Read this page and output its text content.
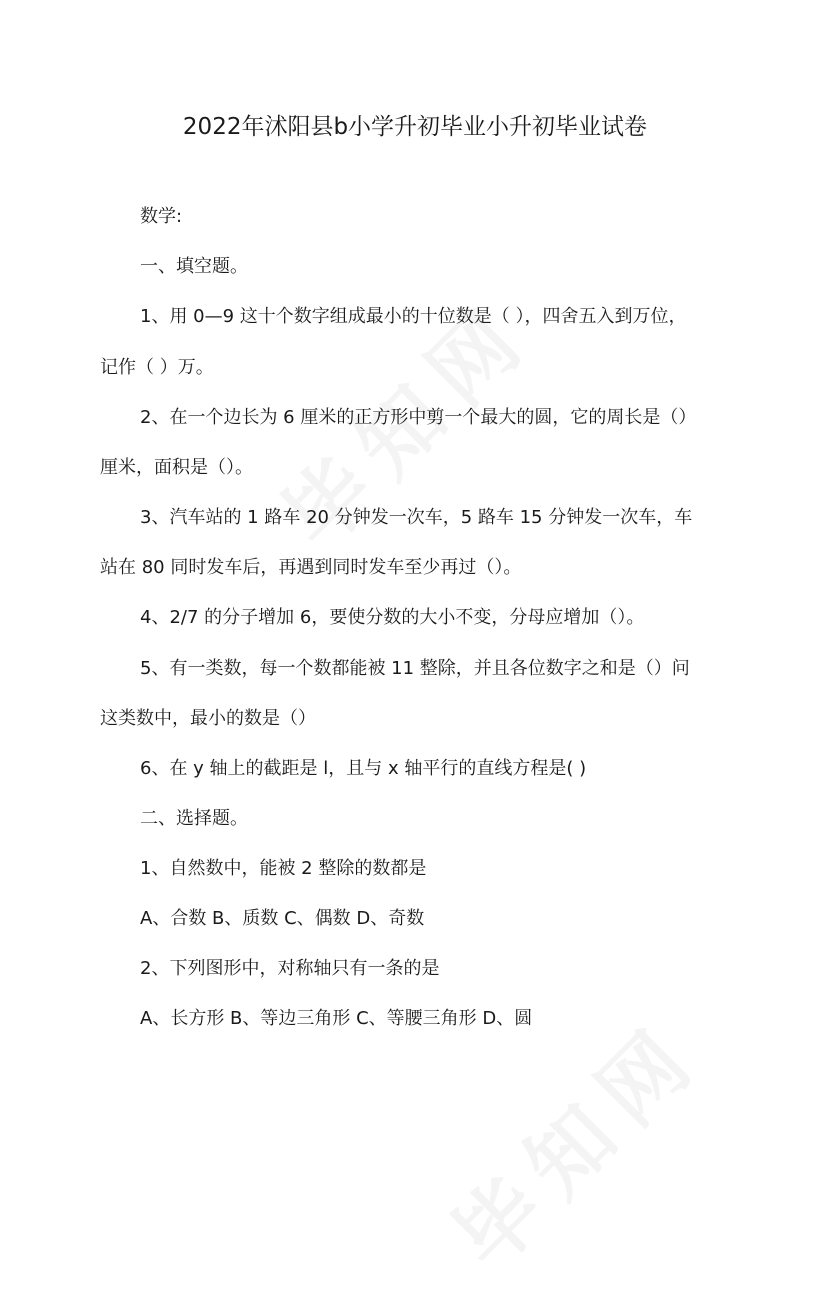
2022年沭阳县b小学升初毕业小升初毕业试卷
数学:
一、填空题。
1、用 0—9 这十个数字组成最小的十位数是（ ），四舍五入到万位，
记作（ ）万。
2、在一个边长为 6 厘米的正方形中剪一个最大的圆，它的周长是（）
厘米，面积是（）。
3、汽车站的 1 路车 20 分钟发一次车，5 路车 15 分钟发一次车，车
站在 80 同时发车后，再遇到同时发车至少再过（）。
4、2/7 的分子增加 6，要使分数的大小不变，分母应增加（）。
5、有一类数，每一个数都能被 11 整除，并且各位数字之和是（）问
这类数中，最小的数是（）
6、在 y 轴上的截距是 l，且与 x 轴平行的直线方程是( )
二、选择题。
1、自然数中，能被 2 整除的数都是
A、合数 B、质数 C、偶数 D、奇数
2、下列图形中，对称轴只有一条的是
A、长方形 B、等边三角形 C、等腰三角形 D、圆
